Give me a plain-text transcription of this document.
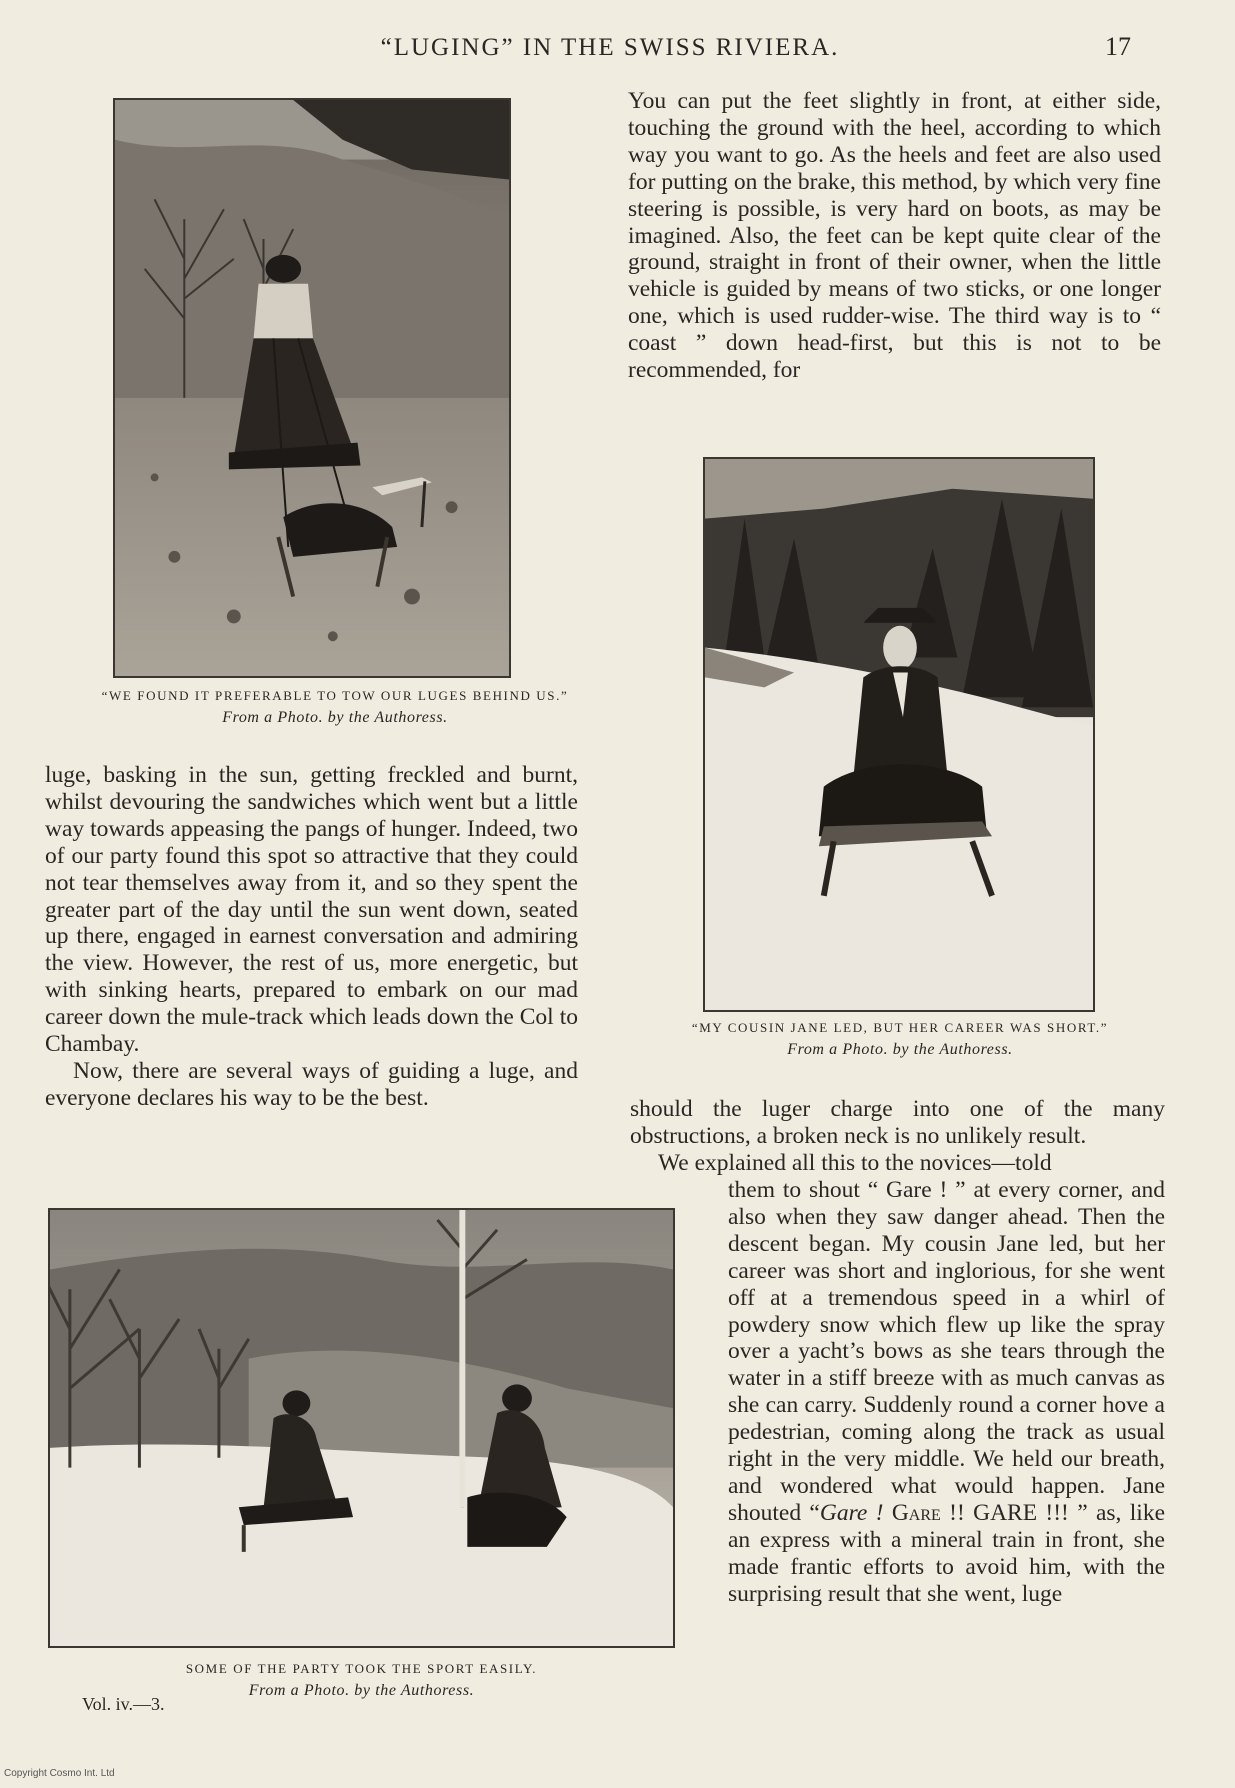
“LUGING” IN THE SWISS RIVIERA.	17
“WE FOUND IT PREFERABLE TO TOW OUR LUGES BEHIND US.”
From a Photo. by the Authoress.

luge, basking in the sun, getting freckled and burnt, whilst devouring the sandwiches which went but a little way towards appeasing the pangs of hunger. Indeed, two of our party found this spot so attractive that they could not tear themselves away from it, and so they spent the greater part of the day until the sun went down, seated up there, engaged in earnest conversation and admiring the view. However, the rest of us, more energetic, but with sinking hearts, prepared to embark on our mad career down the mule-track which leads down the Col to Chambay.

Now, there are several ways of guiding a luge, and everyone declares his way to be the best.

SOME OF THE PARTY TOOK THE SPORT EASILY.
From a Photo. by the Authoress.

You can put the feet slightly in front, at either side, touching the ground with the heel, according to which way you want to go. As the heels and feet are also used for putting on the brake, this method, by which very fine steering is possible, is very hard on boots, as may be imagined. Also, the feet can be kept quite clear of the ground, straight in front of their owner, when the little vehicle is guided by means of two sticks, or one longer one, which is used rudder-wise. The third way is to “ coast ” down head-first, but this is not to be recommended, for

“MY COUSIN JANE LED, BUT HER CAREER WAS SHORT.”
From a Photo. by the Authoress.

should the luger charge into one of the many obstructions, a broken neck is no unlikely result.

We explained all this to the novices—told

them to shout “ Gare ! ” at every corner, and also when they saw danger ahead. Then the descent began. My cousin Jane led, but her career was short and inglorious, for she went off at a tremendous speed in a whirl of powdery snow which flew up like the spray over a yacht’s bows as she tears through the water in a stiff breeze with as much canvas as she can carry. Suddenly round a corner hove a pedestrian, coming along the track as usual right in the very middle. We held our breath, and wondered what would happen. Jane shouted “Gare ! Gare !! GARE !!! ” as, like an express with a mineral train in front, she made frantic efforts to avoid him, with the surprising result that she went, luge

Vol. iv.—3.
Copyright Cosmo Int. Ltd
